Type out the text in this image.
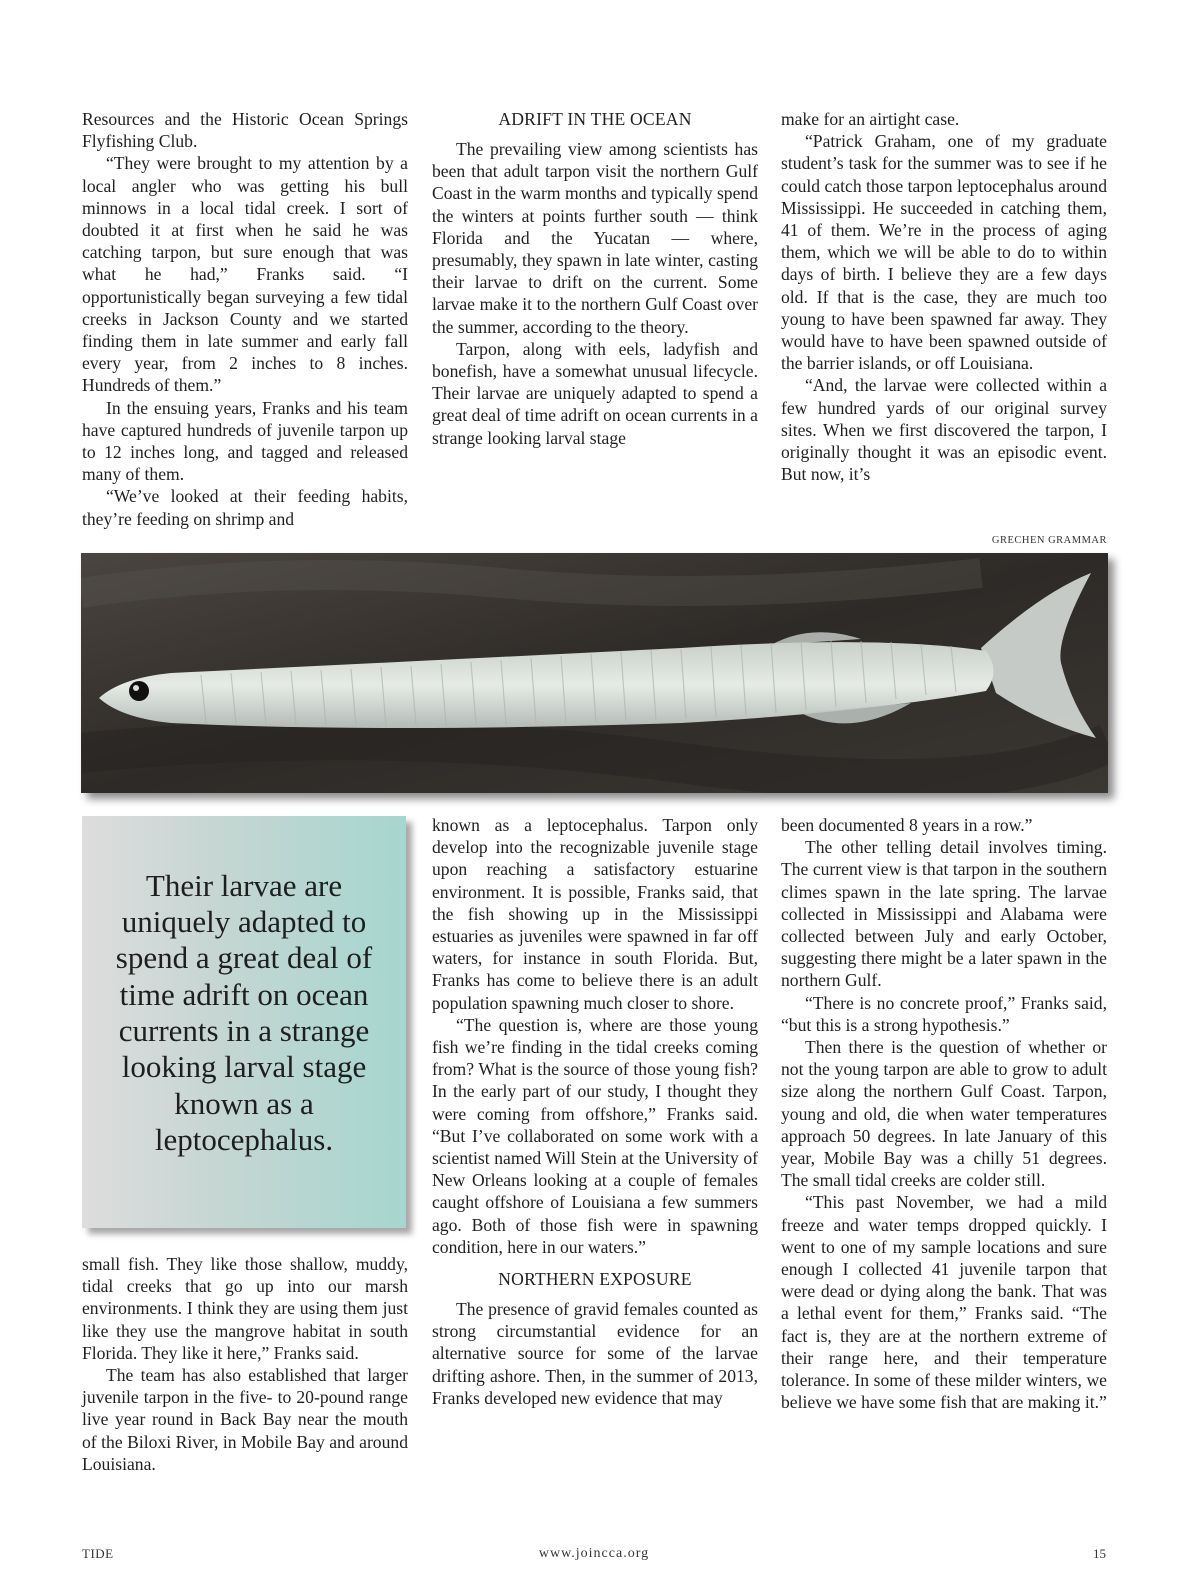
Resources and the Historic Ocean Springs Flyfishing Club.

“They were brought to my attention by a local angler who was getting his bull minnows in a local tidal creek. I sort of doubted it at first when he said he was catching tarpon, but sure enough that was what he had,” Franks said. “I opportunistically began surveying a few tidal creeks in Jackson County and we started finding them in late summer and early fall every year, from 2 inches to 8 inches. Hundreds of them.”

In the ensuing years, Franks and his team have captured hundreds of juvenile tarpon up to 12 inches long, and tagged and released many of them.

“We’ve looked at their feeding habits, they’re feeding on shrimp and

ADRIFT IN THE OCEAN

The prevailing view among scientists has been that adult tarpon visit the northern Gulf Coast in the warm months and typically spend the winters at points further south — think Florida and the Yucatan — where, presumably, they spawn in late winter, casting their larvae to drift on the current. Some larvae make it to the northern Gulf Coast over the summer, according to the theory.

Tarpon, along with eels, ladyfish and bonefish, have a somewhat unusual lifecycle. Their larvae are uniquely adapted to spend a great deal of time adrift on ocean currents in a strange looking larval stage

make for an airtight case.

“Patrick Graham, one of my graduate student’s task for the summer was to see if he could catch those tarpon leptocephalus around Mississippi. He succeeded in catching them, 41 of them. We’re in the process of aging them, which we will be able to do to within days of birth. I believe they are a few days old. If that is the case, they are much too young to have been spawned far away. They would have to have been spawned outside of the barrier islands, or off Louisiana.

“And, the larvae were collected within a few hundred yards of our original survey sites. When we first discovered the tarpon, I originally thought it was an episodic event. But now, it’s

GRECHEN GRAMMAR
Their larvae are uniquely adapted to spend a great deal of time adrift on ocean currents in a strange looking larval stage known as a leptocephalus.

small fish. They like those shallow, muddy, tidal creeks that go up into our marsh environments. I think they are using them just like they use the mangrove habitat in south Florida. They like it here,” Franks said.

The team has also established that larger juvenile tarpon in the five- to 20-pound range live year round in Back Bay near the mouth of the Biloxi River, in Mobile Bay and around Louisiana.

known as a leptocephalus. Tarpon only develop into the recognizable juvenile stage upon reaching a satisfactory estuarine environment. It is possible, Franks said, that the fish showing up in the Mississippi estuaries as juveniles were spawned in far off waters, for instance in south Florida. But, Franks has come to believe there is an adult population spawning much closer to shore.

“The question is, where are those young fish we’re finding in the tidal creeks coming from? What is the source of those young fish? In the early part of our study, I thought they were coming from offshore,” Franks said. “But I’ve collaborated on some work with a scientist named Will Stein at the University of New Orleans looking at a couple of females caught offshore of Louisiana a few summers ago. Both of those fish were in spawning condition, here in our waters.”

NORTHERN EXPOSURE

The presence of gravid females counted as strong circumstantial evidence for an alternative source for some of the larvae drifting ashore. Then, in the summer of 2013, Franks developed new evidence that may

been documented 8 years in a row.”

The other telling detail involves timing. The current view is that tarpon in the southern climes spawn in the late spring. The larvae collected in Mississippi and Alabama were collected between July and early October, suggesting there might be a later spawn in the northern Gulf.

“There is no concrete proof,” Franks said, “but this is a strong hypothesis.”

Then there is the question of whether or not the young tarpon are able to grow to adult size along the northern Gulf Coast. Tarpon, young and old, die when water temperatures approach 50 degrees. In late January of this year, Mobile Bay was a chilly 51 degrees. The small tidal creeks are colder still.

“This past November, we had a mild freeze and water temps dropped quickly. I went to one of my sample locations and sure enough I collected 41 juvenile tarpon that were dead or dying along the bank. That was a lethal event for them,” Franks said. “The fact is, they are at the northern extreme of their range here, and their temperature tolerance. In some of these milder winters, we believe we have some fish that are making it.”

TIDE	www.joincca.org	15
